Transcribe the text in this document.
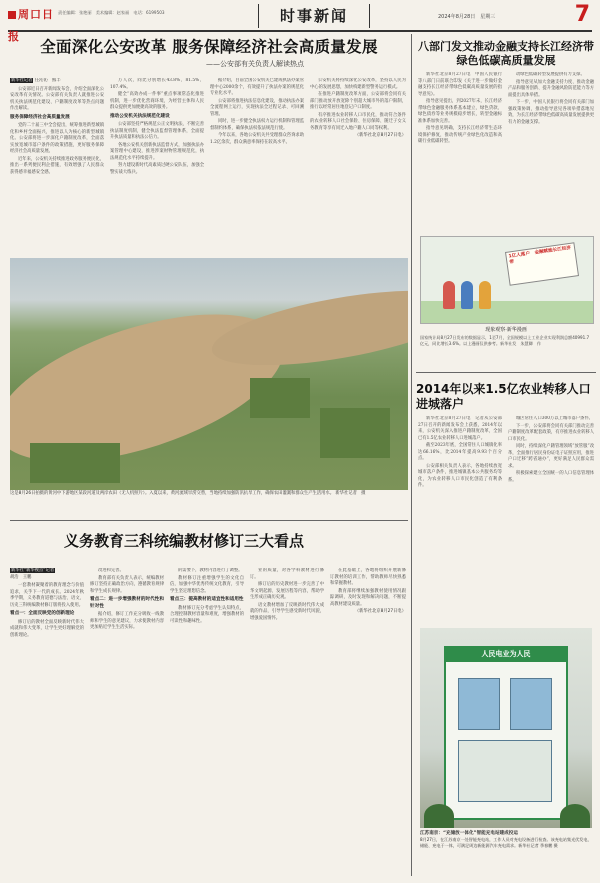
周口日报
责任编辑：张艳丽　美术编辑：赵家福　电话：6199503	时事新闻	2024年8月28日　星期三	7
全面深化公安改革 服务保障经济社会高质量发展
——公安部有关负责人解读热点
新华社记者 任沁沁　熊丰

公安部近日召开新闻发布会，介绍全面深化公安改革有关情况。公安部有关负责人就推进公安机关执法规范化建设、户籍制度改革等热点问题作出解读。

服务保障经济社会高质量发展

党的二十届三中全会提出，统筹推进新型城镇化和乡村全面振兴，推进以人为核心的新型城镇化。公安部将进一步深化户籍制度改革，全面落实放宽城市落户条件的政策措施，更好服务保障经济社会高质量发展。

近年来，公安机关持续推进政务服务便民化，推出一系列便民利企措施，有效增强了人民群众获得感幸福感安全感。

万人次，同比分别增长43.8%、81.5%、107.4%。

健全“高效办成一件事”重点事项常态化推进机制，进一步优化营商环境，为经营主体和人民群众提供更加便捷高效的服务。

推动公安机关执法规范化建设

公安部坚持严格规范公正文明执法，不断完善执法制度机制，健全执法监督管理体系，全面提升执法质量和执法公信力。

各地公安机关创新执法监督方式，加强执法办案管理中心建设，推进涉案财物管理规范化，执法规范化水平持续提升。

努力建设新时代高素质过硬公安队伍，加强全警实战大练兵。

据介绍，目前全国公安机关已建成执法办案管理中心2000余个，有效提升了执法办案的规范化专业化水平。

公安部将推进执法信息化建设，推动执法办案全流程网上运行，实现执法全过程记录、可回溯管理。

同时，进一步健全执法权力运行机制和管理监督制约体系，确保执法权依法规范行使。

今年以来，各地公安机关共受理群众咨询求助1.2亿余次，群众满意率保持在较高水平。

公安机关将持续深化公安改革，坚持以人民为中心的发展思想，加快构建新型警务运行模式。

在推进户籍制度改革方面，公安部将会同有关部门推动放开放宽除个别超大城市外的落户限制，推行以经常居住地登记户口制度。

有序推进农业转移人口市民化，推动符合条件的农业转移人口社会保险、住房保障、随迁子女义务教育等享有同迁入地户籍人口同等权利。

（新华社北京8月27日电）
这是8月26日拍摄的黄河中下游地区某段河道及两岸农田（无人机照片）。入夏以来，黄河流域旱涝交替，当地持续加强防汛抗旱工作，确保农田灌溉和群众生产生活用水。 新华社记者　摄
义务教育三科统编教材修订三大看点
新华社“新华视点”记者
胡浩　王鹏

一套教材凝聚着的教育理念与价值追求，关乎下一代的成长。2024年秋季学期，义务教育道德与法治、语文、历史三科统编教材修订版将投入使用。

看点一：全面反映党的创新理论

修订后的教材全面反映新时代伟大成就和伟大变革，让学生更好理解党的创新理论。

改进和完善。

教育部有关负责人表示，统编教材修订坚持正确政治方向，遵循教育规律和学生成长规律。

看点二：进一步增强教材的时代性和针对性

据介绍，修订工作充分吸收一线教师和学生的意见建议，力求使教材内容更加贴近学生生活实际。

的需要下，教材内容进行了调整。

教材修订注重增强学生的文化自信，加强中华优秀传统文化教育，引导学生坚定理想信念。

看点三：提高教材的适宜性和适用性

教材修订充分考虑学生认知特点，合理控制教材容量和难度，增强教材的可读性和趣味性。

业的质量，对各学科教材进行修订。

修订后的历史教材进一步完善了中华文明起源、发展历程等内容，帮助学生形成正确历史观。

语文教材增加了反映新时代伟大成就的作品，引导学生感受新时代风貌，增强爱国情怀。

在此基础上，各地将组织开展新修订教材的培训工作，帮助教师尽快熟悉和掌握教材。

教育部将继续加强教材使用情况跟踪调研，及时发现和解决问题，不断提高教材建设质量。

（新华社北京8月27日电）
八部门发文推动金融支持长江经济带绿色低碳高质量发展

新华社北京8月27日电　中国人民银行等八部门日前联合印发《关于进一步做好金融支持长江经济带绿色低碳高质量发展的指导意见》。

指导意见提出，到2027年末，长江经济带绿色金融服务体系基本建立，绿色贷款、绿色债券等业务规模稳步增长，转型金融标准体系加快完善。

指导意见明确，支持长江经济带生态环境保护修复，推动传统产业绿色化改造和高碳行业低碳转型。

动绿色低碳转型发展提供有力支撑。

指导意见从加大金融支持力度、推动金融产品和服务创新、提升金融风险防范能力等方面提出具体举措。

下一步，中国人民银行将会同有关部门加强政策协调，推动指导意见各项举措落地见效，为长江经济带绿色低碳高质量发展提供更有力的金融支撑。

1亿人落户　金融赋能长江经济带
现象观察·新华漫画
国家统计局8月27日发布的数据显示，1至7月，全国规模以上工业企业实现利润总额40991.7亿元，同比增长3.6%。以上漫画仅供参考。新华社发　朱慧卿　作
2014年以来1.5亿农业转移人口进城落户

新华社北京8月27日电　记者从公安部27日召开的新闻发布会上获悉，2014年以来，公安机关深入推进户籍制度改革，全国已有1.5亿农业转移人口进城落户。

截至2023年底，全国常住人口城镇化率达66.16%，比2014年提高9.93个百分点。

公安部相关负责人表示，各地持续放宽城市落户条件，推进城镇基本公共服务均等化，为农业转移人口市民化创造了有利条件。

城区常住人口300万以上城市落户条件。

下一步，公安部将会同有关部门推动完善户籍制度改革配套政策，有序推进农业转移人口市民化。

同时，持续深化户籍管理领域“放管服”改革，全面推行居民身份证电子证照应用，推进户口迁移“跨省通办”，更好满足人民群众需求。

积极探索建立全国统一的人口信息管理体系。

人民电业为人民
江苏南京：“充储放一体化”智能充电站建成投运
8月27日，在江苏南京一处智能充电站，工作人员对充电设备进行检查。该充电站集光伏发电、储能、充电于一体，可满足周边新能源汽车充电需求。新华社记者 季春鹏 摄
